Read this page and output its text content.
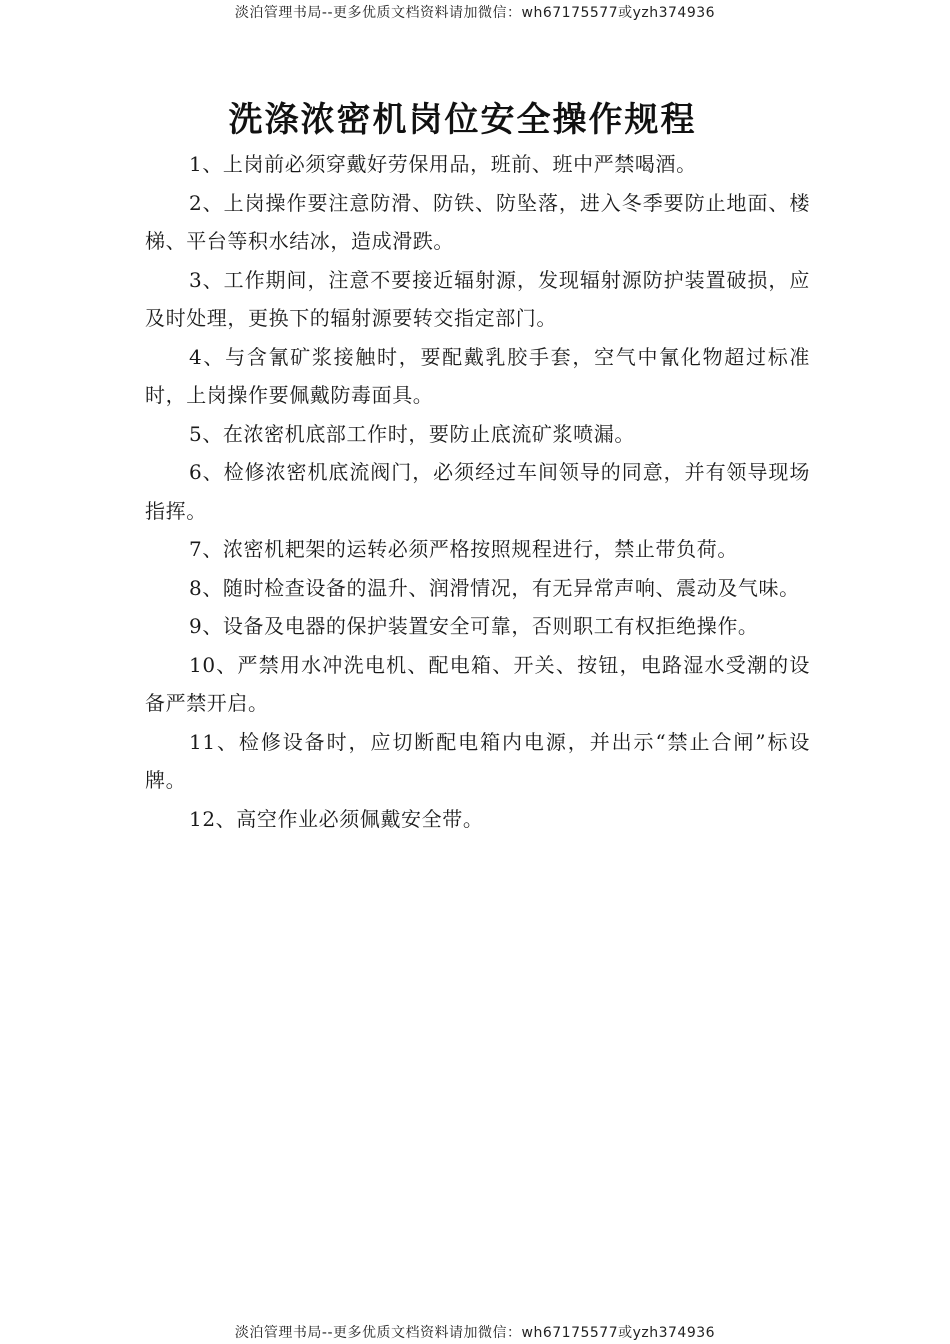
淡泊管理书局--更多优质文档资料请加微信：wh67175577或yzh374936
洗涤浓密机岗位安全操作规程

1、上岗前必须穿戴好劳保用品，班前、班中严禁喝酒。

2、上岗操作要注意防滑、防铁、防坠落，进入冬季要防止地面、楼梯、平台等积水结冰，造成滑跌。

3、工作期间，注意不要接近辐射源，发现辐射源防护装置破损，应及时处理，更换下的辐射源要转交指定部门。

4、与含氰矿浆接触时，要配戴乳胶手套，空气中氰化物超过标准时，上岗操作要佩戴防毒面具。

5、在浓密机底部工作时，要防止底流矿浆喷漏。

6、检修浓密机底流阀门，必须经过车间领导的同意，并有领导现场指挥。

7、浓密机耙架的运转必须严格按照规程进行，禁止带负荷。

8、随时检查设备的温升、润滑情况，有无异常声响、震动及气味。

9、设备及电器的保护装置安全可靠，否则职工有权拒绝操作。

10、严禁用水冲洗电机、配电箱、开关、按钮，电路湿水受潮的设备严禁开启。

11、检修设备时，应切断配电箱内电源，并出示“禁止合闸”标设牌。

12、高空作业必须佩戴安全带。

淡泊管理书局--更多优质文档资料请加微信：wh67175577或yzh374936
